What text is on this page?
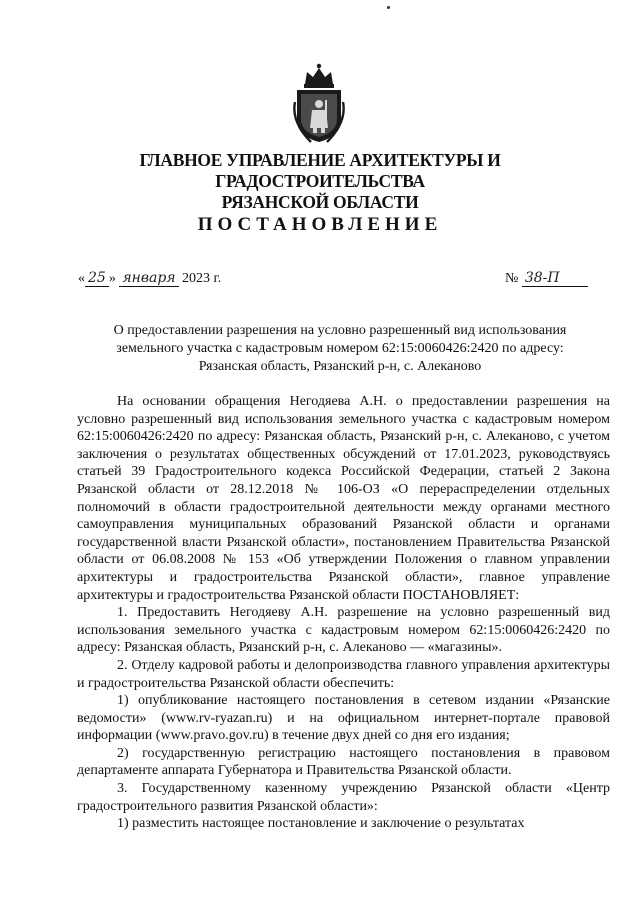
ГЛАВНОЕ УПРАВЛЕНИЕ АРХИТЕКТУРЫ И ГРАДОСТРОИТЕЛЬСТВА
РЯЗАНСКОЙ ОБЛАСТИ
ПОСТАНОВЛЕНИЕ
« 25 » января 2023 г.	№ 38-П
О предоставлении разрешения на условно разрешенный вид использования
земельного участка с кадастровым номером 62:15:0060426:2420 по адресу:
Рязанская область, Рязанский р-н, с. Алеканово

На основании обращения Негодяева А.Н. о предоставлении разрешения на условно разрешенный вид использования земельного участка с кадастровым номером 62:15:0060426:2420 по адресу: Рязанская область, Рязанский р-н, с. Алеканово, с учетом заключения о результатах общественных обсуждений от 17.01.2023, руководствуясь статьей 39 Градостроительного кодекса Российской Федерации, статьей 2 Закона Рязанской области от 28.12.2018 № 106-ОЗ «О перераспределении отдельных полномочий в области градостроительной деятельности между органами местного самоуправления муниципальных образований Рязанской области и органами государственной власти Рязанской области», постановлением Правительства Рязанской области от 06.08.2008 № 153 «Об утверждении Положения о главном управлении архитектуры и градостроительства Рязанской области», главное управление архитектуры и градостроительства Рязанской области ПОСТАНОВЛЯЕТ:

1. Предоставить Негодяеву А.Н. разрешение на условно разрешенный вид использования земельного участка с кадастровым номером 62:15:0060426:2420 по адресу: Рязанская область, Рязанский р-н, с. Алеканово — «магазины».

2. Отделу кадровой работы и делопроизводства главного управления архитектуры и градостроительства Рязанской области обеспечить:

1) опубликование настоящего постановления в сетевом издании «Рязанские ведомости» (www.rv-ryazan.ru) и на официальном интернет-портале правовой информации (www.pravo.gov.ru) в течение двух дней со дня его издания;

2) государственную регистрацию настоящего постановления в правовом департаменте аппарата Губернатора и Правительства Рязанской области.

3. Государственному казенному учреждению Рязанской области «Центр градостроительного развития Рязанской области»:

1) разместить настоящее постановление и заключение о результатах
